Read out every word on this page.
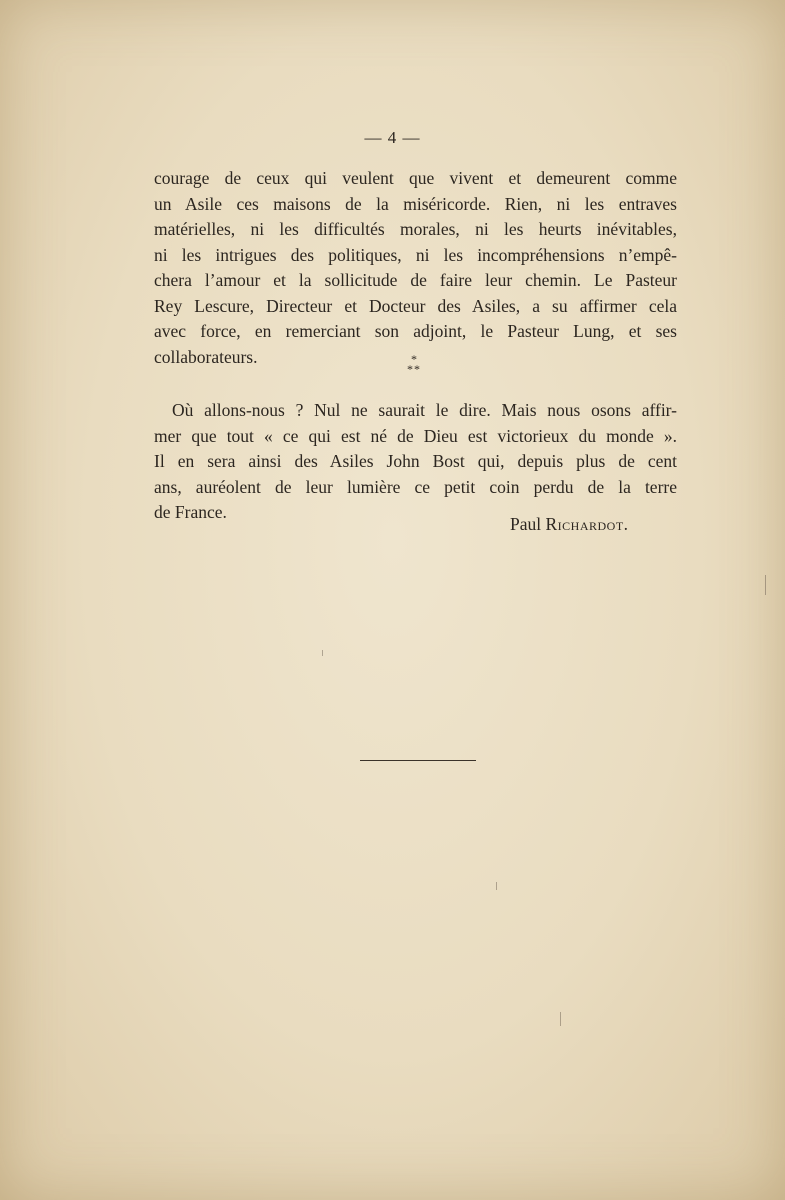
— 4 —
courage de ceux qui veulent que vivent et demeurent comme
un Asile ces maisons de la miséricorde. Rien, ni les entraves
matérielles, ni les difficultés morales, ni les heurts inévitables,
ni les intrigues des politiques, ni les incompréhensions n’empê-
chera l’amour et la sollicitude de faire leur chemin. Le Pasteur
Rey Lescure, Directeur et Docteur des Asiles, a su affirmer cela
avec force, en remerciant son adjoint, le Pasteur Lung, et ses
collaborateurs.	*
**
Où allons-nous ? Nul ne saurait le dire. Mais nous osons affir-
mer que tout « ce qui est né de Dieu est victorieux du monde ».
Il en sera ainsi des Asiles John Bost qui, depuis plus de cent
ans, auréolent de leur lumière ce petit coin perdu de la terre
de France.
Paul Richardot.
